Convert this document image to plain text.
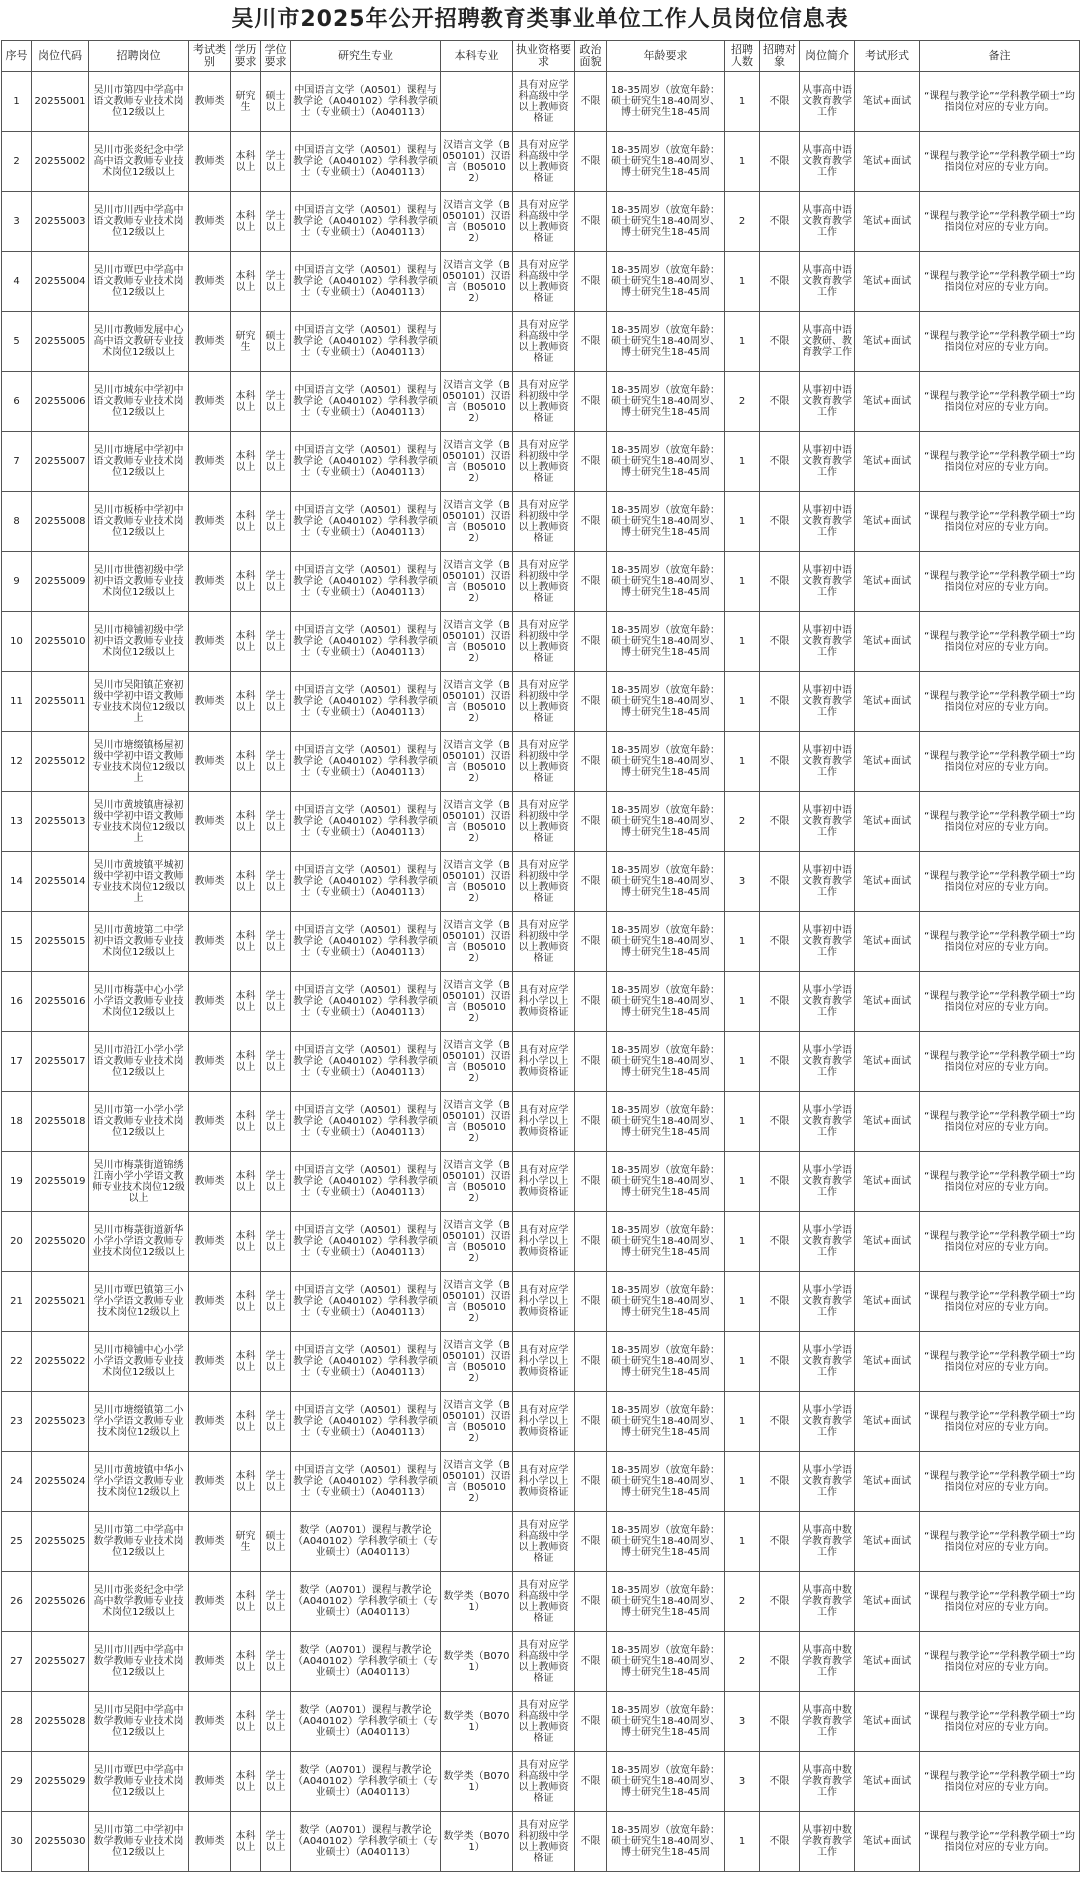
吴川市2025年公开招聘教育类事业单位工作人员岗位信息表
序号	岗位代码	招聘岗位	考试类别	学历要求	学位要求	研究生专业	本科专业	执业资格要求	政治面貌	年龄要求	招聘人数	招聘对象	岗位简介	考试形式	备注
1	20255001	吴川市第四中学高中语文教师专业技术岗位12级以上	教师类	研究生	硕士以上	中国语言文学（A0501）课程与教学论（A040102）学科教学硕士（专业硕士）（A040113）		具有对应学科高级中学以上教师资格证	不限	18-35周岁（放宽年龄：硕士研究生18-40周岁、博士研究生18-45周	1	不限	从事高中语文教育教学工作	笔试+面试	“课程与教学论”“学科教学硕士”均指岗位对应的专业方向。
2	20255002	吴川市张炎纪念中学高中语文教师专业技术岗位12级以上	教师类	本科以上	学士以上	中国语言文学（A0501）课程与教学论（A040102）学科教学硕士（专业硕士）（A040113）	汉语言文学（B050101）汉语言（B050102）	具有对应学科高级中学以上教师资格证	不限	18-35周岁（放宽年龄：硕士研究生18-40周岁、博士研究生18-45周	1	不限	从事高中语文教育教学工作	笔试+面试	“课程与教学论”“学科教学硕士”均指岗位对应的专业方向。
3	20255003	吴川市川西中学高中语文教师专业技术岗位12级以上	教师类	本科以上	学士以上	中国语言文学（A0501）课程与教学论（A040102）学科教学硕士（专业硕士）（A040113）	汉语言文学（B050101）汉语言（B050102）	具有对应学科高级中学以上教师资格证	不限	18-35周岁（放宽年龄：硕士研究生18-40周岁、博士研究生18-45周	2	不限	从事高中语文教育教学工作	笔试+面试	“课程与教学论”“学科教学硕士”均指岗位对应的专业方向。
4	20255004	吴川市覃巴中学高中语文教师专业技术岗位12级以上	教师类	本科以上	学士以上	中国语言文学（A0501）课程与教学论（A040102）学科教学硕士（专业硕士）（A040113）	汉语言文学（B050101）汉语言（B050102）	具有对应学科高级中学以上教师资格证	不限	18-35周岁（放宽年龄：硕士研究生18-40周岁、博士研究生18-45周	1	不限	从事高中语文教育教学工作	笔试+面试	“课程与教学论”“学科教学硕士”均指岗位对应的专业方向。
5	20255005	吴川市教师发展中心高中语文教研专业技术岗位12级以上	教师类	研究生	硕士以上	中国语言文学（A0501）课程与教学论（A040102）学科教学硕士（专业硕士）（A040113）		具有对应学科高级中学以上教师资格证	不限	18-35周岁（放宽年龄：硕士研究生18-40周岁、博士研究生18-45周	1	不限	从事高中语文教研、教育教学工作	笔试+面试	“课程与教学论”“学科教学硕士”均指岗位对应的专业方向。
6	20255006	吴川市城东中学初中语文教师专业技术岗位12级以上	教师类	本科以上	学士以上	中国语言文学（A0501）课程与教学论（A040102）学科教学硕士（专业硕士）（A040113）	汉语言文学（B050101）汉语言（B050102）	具有对应学科初级中学以上教师资格证	不限	18-35周岁（放宽年龄：硕士研究生18-40周岁、博士研究生18-45周	2	不限	从事初中语文教育教学工作	笔试+面试	“课程与教学论”“学科教学硕士”均指岗位对应的专业方向。
7	20255007	吴川市塘尾中学初中语文教师专业技术岗位12级以上	教师类	本科以上	学士以上	中国语言文学（A0501）课程与教学论（A040102）学科教学硕士（专业硕士）（A040113）	汉语言文学（B050101）汉语言（B050102）	具有对应学科初级中学以上教师资格证	不限	18-35周岁（放宽年龄：硕士研究生18-40周岁、博士研究生18-45周	1	不限	从事初中语文教育教学工作	笔试+面试	“课程与教学论”“学科教学硕士”均指岗位对应的专业方向。
8	20255008	吴川市板桥中学初中语文教师专业技术岗位12级以上	教师类	本科以上	学士以上	中国语言文学（A0501）课程与教学论（A040102）学科教学硕士（专业硕士）（A040113）	汉语言文学（B050101）汉语言（B050102）	具有对应学科初级中学以上教师资格证	不限	18-35周岁（放宽年龄：硕士研究生18-40周岁、博士研究生18-45周	1	不限	从事初中语文教育教学工作	笔试+面试	“课程与教学论”“学科教学硕士”均指岗位对应的专业方向。
9	20255009	吴川市世德初级中学初中语文教师专业技术岗位12级以上	教师类	本科以上	学士以上	中国语言文学（A0501）课程与教学论（A040102）学科教学硕士（专业硕士）（A040113）	汉语言文学（B050101）汉语言（B050102）	具有对应学科初级中学以上教师资格证	不限	18-35周岁（放宽年龄：硕士研究生18-40周岁、博士研究生18-45周	1	不限	从事初中语文教育教学工作	笔试+面试	“课程与教学论”“学科教学硕士”均指岗位对应的专业方向。
10	20255010	吴川市樟铺初级中学初中语文教师专业技术岗位12级以上	教师类	本科以上	学士以上	中国语言文学（A0501）课程与教学论（A040102）学科教学硕士（专业硕士）（A040113）	汉语言文学（B050101）汉语言（B050102）	具有对应学科初级中学以上教师资格证	不限	18-35周岁（放宽年龄：硕士研究生18-40周岁、博士研究生18-45周	1	不限	从事初中语文教育教学工作	笔试+面试	“课程与教学论”“学科教学硕士”均指岗位对应的专业方向。
11	20255011	吴川市吴阳镇芷寮初级中学初中语文教师专业技术岗位12级以上	教师类	本科以上	学士以上	中国语言文学（A0501）课程与教学论（A040102）学科教学硕士（专业硕士）（A040113）	汉语言文学（B050101）汉语言（B050102）	具有对应学科初级中学以上教师资格证	不限	18-35周岁（放宽年龄：硕士研究生18-40周岁、博士研究生18-45周	1	不限	从事初中语文教育教学工作	笔试+面试	“课程与教学论”“学科教学硕士”均指岗位对应的专业方向。
12	20255012	吴川市塘缀镇杨屋初级中学初中语文教师专业技术岗位12级以上	教师类	本科以上	学士以上	中国语言文学（A0501）课程与教学论（A040102）学科教学硕士（专业硕士）（A040113）	汉语言文学（B050101）汉语言（B050102）	具有对应学科初级中学以上教师资格证	不限	18-35周岁（放宽年龄：硕士研究生18-40周岁、博士研究生18-45周	1	不限	从事初中语文教育教学工作	笔试+面试	“课程与教学论”“学科教学硕士”均指岗位对应的专业方向。
13	20255013	吴川市黄坡镇唐禄初级中学初中语文教师专业技术岗位12级以上	教师类	本科以上	学士以上	中国语言文学（A0501）课程与教学论（A040102）学科教学硕士（专业硕士）（A040113）	汉语言文学（B050101）汉语言（B050102）	具有对应学科初级中学以上教师资格证	不限	18-35周岁（放宽年龄：硕士研究生18-40周岁、博士研究生18-45周	2	不限	从事初中语文教育教学工作	笔试+面试	“课程与教学论”“学科教学硕士”均指岗位对应的专业方向。
14	20255014	吴川市黄坡镇平城初级中学初中语文教师专业技术岗位12级以上	教师类	本科以上	学士以上	中国语言文学（A0501）课程与教学论（A040102）学科教学硕士（专业硕士）（A040113）	汉语言文学（B050101）汉语言（B050102）	具有对应学科初级中学以上教师资格证	不限	18-35周岁（放宽年龄：硕士研究生18-40周岁、博士研究生18-45周	3	不限	从事初中语文教育教学工作	笔试+面试	“课程与教学论”“学科教学硕士”均指岗位对应的专业方向。
15	20255015	吴川市黄坡第二中学初中语文教师专业技术岗位12级以上	教师类	本科以上	学士以上	中国语言文学（A0501）课程与教学论（A040102）学科教学硕士（专业硕士）（A040113）	汉语言文学（B050101）汉语言（B050102）	具有对应学科初级中学以上教师资格证	不限	18-35周岁（放宽年龄：硕士研究生18-40周岁、博士研究生18-45周	1	不限	从事初中语文教育教学工作	笔试+面试	“课程与教学论”“学科教学硕士”均指岗位对应的专业方向。
16	20255016	吴川市梅菉中心小学小学语文教师专业技术岗位12级以上	教师类	本科以上	学士以上	中国语言文学（A0501）课程与教学论（A040102）学科教学硕士（专业硕士）（A040113）	汉语言文学（B050101）汉语言（B050102）	具有对应学科小学以上教师资格证	不限	18-35周岁（放宽年龄：硕士研究生18-40周岁、博士研究生18-45周	1	不限	从事小学语文教育教学工作	笔试+面试	“课程与教学论”“学科教学硕士”均指岗位对应的专业方向。
17	20255017	吴川市沿江小学小学语文教师专业技术岗位12级以上	教师类	本科以上	学士以上	中国语言文学（A0501）课程与教学论（A040102）学科教学硕士（专业硕士）（A040113）	汉语言文学（B050101）汉语言（B050102）	具有对应学科小学以上教师资格证	不限	18-35周岁（放宽年龄：硕士研究生18-40周岁、博士研究生18-45周	1	不限	从事小学语文教育教学工作	笔试+面试	“课程与教学论”“学科教学硕士”均指岗位对应的专业方向。
18	20255018	吴川市第一小学小学语文教师专业技术岗位12级以上	教师类	本科以上	学士以上	中国语言文学（A0501）课程与教学论（A040102）学科教学硕士（专业硕士）（A040113）	汉语言文学（B050101）汉语言（B050102）	具有对应学科小学以上教师资格证	不限	18-35周岁（放宽年龄：硕士研究生18-40周岁、博士研究生18-45周	1	不限	从事小学语文教育教学工作	笔试+面试	“课程与教学论”“学科教学硕士”均指岗位对应的专业方向。
19	20255019	吴川市梅菉街道锦绣江南小学小学语文教师专业技术岗位12级以上	教师类	本科以上	学士以上	中国语言文学（A0501）课程与教学论（A040102）学科教学硕士（专业硕士）（A040113）	汉语言文学（B050101）汉语言（B050102）	具有对应学科小学以上教师资格证	不限	18-35周岁（放宽年龄：硕士研究生18-40周岁、博士研究生18-45周	1	不限	从事小学语文教育教学工作	笔试+面试	“课程与教学论”“学科教学硕士”均指岗位对应的专业方向。
20	20255020	吴川市梅菉街道新华小学小学语文教师专业技术岗位12级以上	教师类	本科以上	学士以上	中国语言文学（A0501）课程与教学论（A040102）学科教学硕士（专业硕士）（A040113）	汉语言文学（B050101）汉语言（B050102）	具有对应学科小学以上教师资格证	不限	18-35周岁（放宽年龄：硕士研究生18-40周岁、博士研究生18-45周	1	不限	从事小学语文教育教学工作	笔试+面试	“课程与教学论”“学科教学硕士”均指岗位对应的专业方向。
21	20255021	吴川市覃巴镇第三小学小学语文教师专业技术岗位12级以上	教师类	本科以上	学士以上	中国语言文学（A0501）课程与教学论（A040102）学科教学硕士（专业硕士）（A040113）	汉语言文学（B050101）汉语言（B050102）	具有对应学科小学以上教师资格证	不限	18-35周岁（放宽年龄：硕士研究生18-40周岁、博士研究生18-45周	1	不限	从事小学语文教育教学工作	笔试+面试	“课程与教学论”“学科教学硕士”均指岗位对应的专业方向。
22	20255022	吴川市樟铺中心小学小学语文教师专业技术岗位12级以上	教师类	本科以上	学士以上	中国语言文学（A0501）课程与教学论（A040102）学科教学硕士（专业硕士）（A040113）	汉语言文学（B050101）汉语言（B050102）	具有对应学科小学以上教师资格证	不限	18-35周岁（放宽年龄：硕士研究生18-40周岁、博士研究生18-45周	1	不限	从事小学语文教育教学工作	笔试+面试	“课程与教学论”“学科教学硕士”均指岗位对应的专业方向。
23	20255023	吴川市塘缀镇第二小学小学语文教师专业技术岗位12级以上	教师类	本科以上	学士以上	中国语言文学（A0501）课程与教学论（A040102）学科教学硕士（专业硕士）（A040113）	汉语言文学（B050101）汉语言（B050102）	具有对应学科小学以上教师资格证	不限	18-35周岁（放宽年龄：硕士研究生18-40周岁、博士研究生18-45周	1	不限	从事小学语文教育教学工作	笔试+面试	“课程与教学论”“学科教学硕士”均指岗位对应的专业方向。
24	20255024	吴川市黄坡镇中华小学小学语文教师专业技术岗位12级以上	教师类	本科以上	学士以上	中国语言文学（A0501）课程与教学论（A040102）学科教学硕士（专业硕士）（A040113）	汉语言文学（B050101）汉语言（B050102）	具有对应学科小学以上教师资格证	不限	18-35周岁（放宽年龄：硕士研究生18-40周岁、博士研究生18-45周	1	不限	从事小学语文教育教学工作	笔试+面试	“课程与教学论”“学科教学硕士”均指岗位对应的专业方向。
25	20255025	吴川市第二中学高中数学教师专业技术岗位12级以上	教师类	研究生	硕士以上	数学（A0701）课程与教学论（A040102）学科教学硕士（专业硕士）（A040113）		具有对应学科高级中学以上教师资格证	不限	18-35周岁（放宽年龄：硕士研究生18-40周岁、博士研究生18-45周	1	不限	从事高中数学教育教学工作	笔试+面试	“课程与教学论”“学科教学硕士”均指岗位对应的专业方向。
26	20255026	吴川市张炎纪念中学高中数学教师专业技术岗位12级以上	教师类	本科以上	学士以上	数学（A0701）课程与教学论（A040102）学科教学硕士（专业硕士）（A040113）	数学类（B0701）	具有对应学科高级中学以上教师资格证	不限	18-35周岁（放宽年龄：硕士研究生18-40周岁、博士研究生18-45周	2	不限	从事高中数学教育教学工作	笔试+面试	“课程与教学论”“学科教学硕士”均指岗位对应的专业方向。
27	20255027	吴川市川西中学高中数学教师专业技术岗位12级以上	教师类	本科以上	学士以上	数学（A0701）课程与教学论（A040102）学科教学硕士（专业硕士）（A040113）	数学类（B0701）	具有对应学科高级中学以上教师资格证	不限	18-35周岁（放宽年龄：硕士研究生18-40周岁、博士研究生18-45周	2	不限	从事高中数学教育教学工作	笔试+面试	“课程与教学论”“学科教学硕士”均指岗位对应的专业方向。
28	20255028	吴川市吴阳中学高中数学教师专业技术岗位12级以上	教师类	本科以上	学士以上	数学（A0701）课程与教学论（A040102）学科教学硕士（专业硕士）（A040113）	数学类（B0701）	具有对应学科高级中学以上教师资格证	不限	18-35周岁（放宽年龄：硕士研究生18-40周岁、博士研究生18-45周	3	不限	从事高中数学教育教学工作	笔试+面试	“课程与教学论”“学科教学硕士”均指岗位对应的专业方向。
29	20255029	吴川市覃巴中学高中数学教师专业技术岗位12级以上	教师类	本科以上	学士以上	数学（A0701）课程与教学论（A040102）学科教学硕士（专业硕士）（A040113）	数学类（B0701）	具有对应学科高级中学以上教师资格证	不限	18-35周岁（放宽年龄：硕士研究生18-40周岁、博士研究生18-45周	3	不限	从事高中数学教育教学工作	笔试+面试	“课程与教学论”“学科教学硕士”均指岗位对应的专业方向。
30	20255030	吴川市第二中学初中数学教师专业技术岗位12级以上	教师类	本科以上	学士以上	数学（A0701）课程与教学论（A040102）学科教学硕士（专业硕士）（A040113）	数学类（B0701）	具有对应学科初级中学以上教师资格证	不限	18-35周岁（放宽年龄：硕士研究生18-40周岁、博士研究生18-45周	1	不限	从事初中数学教育教学工作	笔试+面试	“课程与教学论”“学科教学硕士”均指岗位对应的专业方向。
